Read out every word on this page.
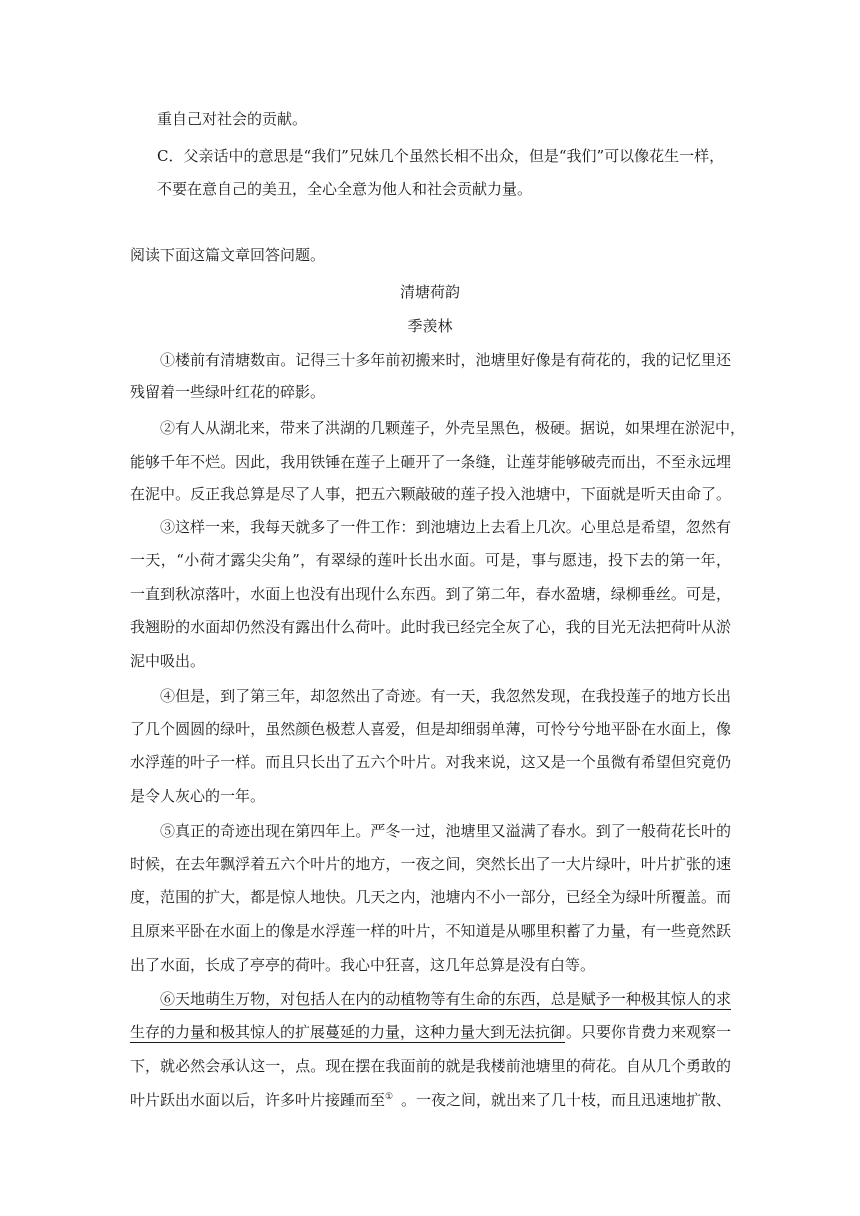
重自己对社会的贡献。
C．父亲话中的意思是“我们”兄妹几个虽然长相不出众，但是“我们”可以像花生一样，
不要在意自己的美丑，全心全意为他人和社会贡献力量。
阅读下面这篇文章回答问题。
清塘荷韵
季羡林
①楼前有清塘数亩。记得三十多年前初搬来时，池塘里好像是有荷花的，我的记忆里还
残留着一些绿叶红花的碎影。
②有人从湖北来，带来了洪湖的几颗莲子，外壳呈黑色，极硬。据说，如果埋在淤泥中，
能够千年不烂。因此，我用铁锤在莲子上砸开了一条缝，让莲芽能够破壳而出，不至永远埋
在泥中。反正我总算是尽了人事，把五六颗敲破的莲子投入池塘中，下面就是听天由命了。
③这样一来，我每天就多了一件工作：到池塘边上去看上几次。心里总是希望，忽然有
一天，“小荷才露尖尖角”，有翠绿的莲叶长出水面。可是，事与愿违，投下去的第一年，
一直到秋凉落叶，水面上也没有出现什么东西。到了第二年，春水盈塘，绿柳垂丝。可是，
我翘盼的水面却仍然没有露出什么荷叶。此时我已经完全灰了心，我的目光无法把荷叶从淤
泥中吸出。
④但是，到了第三年，却忽然出了奇迹。有一天，我忽然发现，在我投莲子的地方长出
了几个圆圆的绿叶，虽然颜色极惹人喜爱，但是却细弱单薄，可怜兮兮地平卧在水面上，像
水浮莲的叶子一样。而且只长出了五六个叶片。对我来说，这又是一个虽微有希望但究竟仍
是令人灰心的一年。
⑤真正的奇迹出现在第四年上。严冬一过，池塘里又溢满了春水。到了一般荷花长叶的
时候，在去年飘浮着五六个叶片的地方，一夜之间，突然长出了一大片绿叶，叶片扩张的速
度，范围的扩大，都是惊人地快。几天之内，池塘内不小一部分，已经全为绿叶所覆盖。而
且原来平卧在水面上的像是水浮莲一样的叶片，不知道是从哪里积蓄了力量，有一些竟然跃
出了水面，长成了亭亭的荷叶。我心中狂喜，这几年总算是没有白等。
⑥天地萌生万物，对包括人在内的动植物等有生命的东西，总是赋予一种极其惊人的求
生存的力量和极其惊人的扩展蔓延的力量，这种力量大到无法抗御 。只要你肯费力来观察一
下，就必然会承认这一，点。现在摆在我面前的就是我楼前池塘里的荷花。自从几个勇敢的
叶片跃出水面以后，许多叶片接踵而至① 。一夜之间，就出来了几十枝，而且迅速地扩散、
